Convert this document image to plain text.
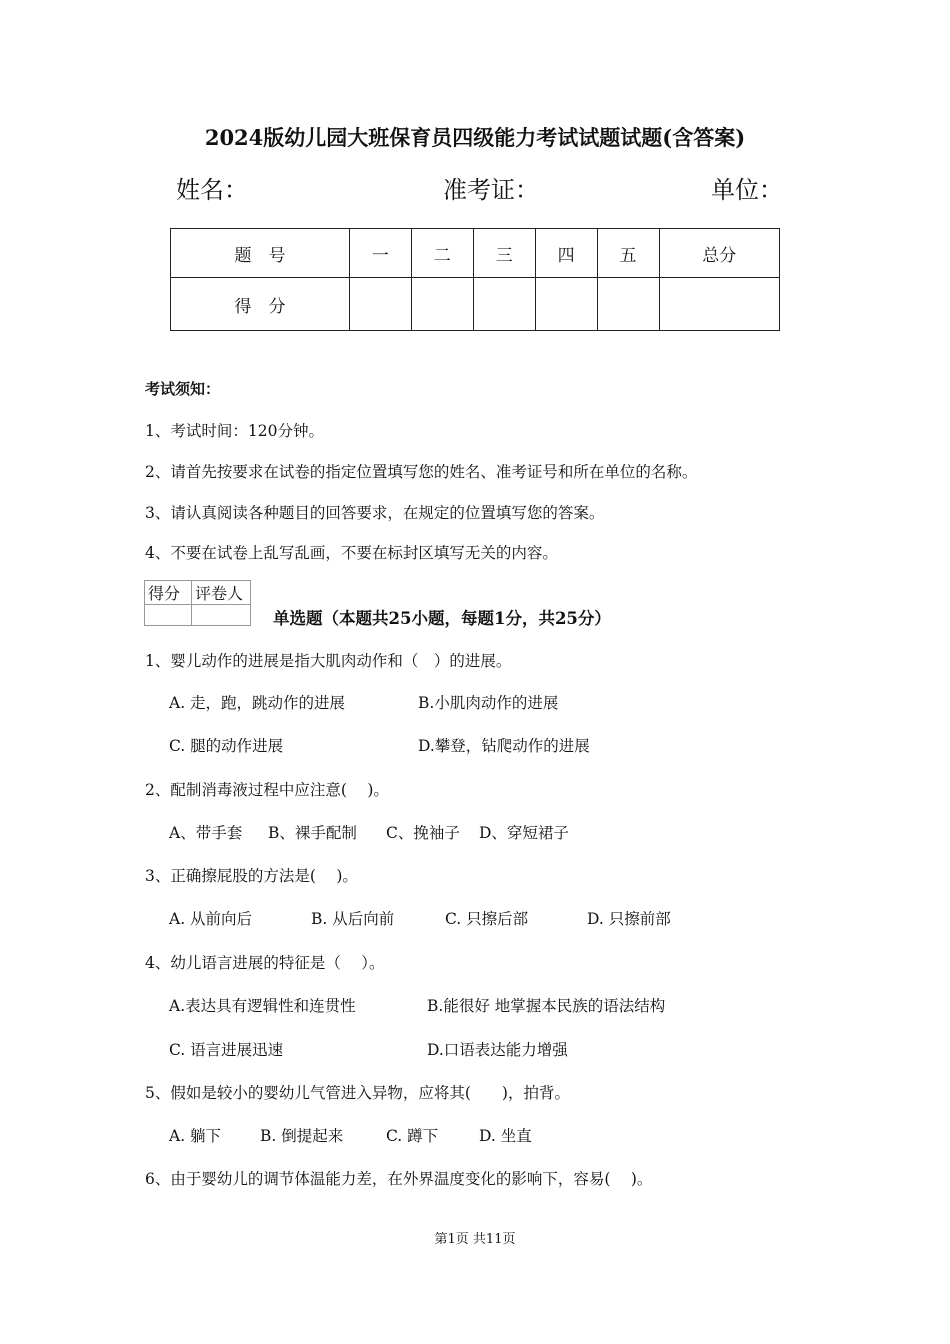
2024版幼儿园大班保育员四级能力考试试题试题(含答案)
姓名：	准考证：	单位：
题　号	一	二	三	四	五	总分
得　分						
考试须知：
1、考试时间：120分钟。
2、请首先按要求在试卷的指定位置填写您的姓名、准考证号和所在单位的名称。
3、请认真阅读各种题目的回答要求，在规定的位置填写您的答案。
4、不要在试卷上乱写乱画，不要在标封区填写无关的内容。
得分	评卷人

单选题（本题共25小题，每题1分，共25分）
1、婴儿动作的进展是指大肌肉动作和（　）的进展。
A. 走，跑，跳动作的进展	B.小肌肉动作的进展
C. 腿的动作进展	D.攀登，钻爬动作的进展
2、配制消毒液过程中应注意(　 )。
A、带手套 B、裸手配制 C、挽袖子 D、穿短裙子
3、正确擦屁股的方法是(　 )。
A. 从前向后	B. 从后向前	C. 只擦后部	D. 只擦前部
4、幼儿语言进展的特征是（　 ）。
A.表达具有逻辑性和连贯性	B.能很好 地掌握本民族的语法结构
C. 语言进展迅速	D.口语表达能力增强
5、假如是较小的婴幼儿气管进入异物，应将其(　　)，拍背。
A. 躺下	B. 倒提起来	C. 蹲下	D. 坐直
6、由于婴幼儿的调节体温能力差，在外界温度变化的影响下，容易(　 )。
第1页 共11页
